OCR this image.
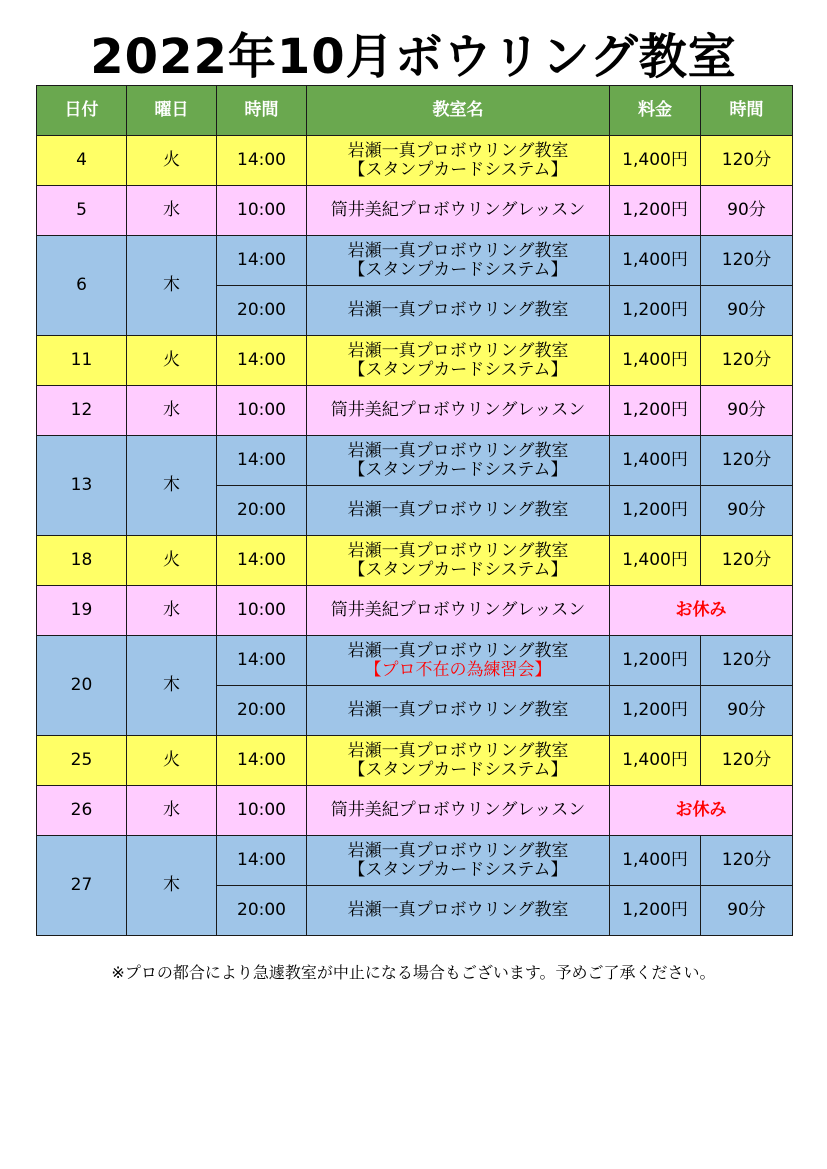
2022年10月ボウリング教室
日付	曜日	時間	教室名	料金	時間
4	火	14:00	岩瀬一真プロボウリング教室
【スタンプカードシステム】	1,400円	120分
5	水	10:00	筒井美紀プロボウリングレッスン	1,200円	90分
6	木	14:00	岩瀬一真プロボウリング教室
【スタンプカードシステム】	1,400円	120分
		20:00	岩瀬一真プロボウリング教室	1,200円	90分
11	火	14:00	岩瀬一真プロボウリング教室
【スタンプカードシステム】	1,400円	120分
12	水	10:00	筒井美紀プロボウリングレッスン	1,200円	90分
13	木	14:00	岩瀬一真プロボウリング教室
【スタンプカードシステム】	1,400円	120分
		20:00	岩瀬一真プロボウリング教室	1,200円	90分
18	火	14:00	岩瀬一真プロボウリング教室
【スタンプカードシステム】	1,400円	120分
19	水	10:00	筒井美紀プロボウリングレッスン	お休み	
20	木	14:00	岩瀬一真プロボウリング教室
【プロ不在の為練習会】	1,200円	120分
		20:00	岩瀬一真プロボウリング教室	1,200円	90分
25	火	14:00	岩瀬一真プロボウリング教室
【スタンプカードシステム】	1,400円	120分
26	水	10:00	筒井美紀プロボウリングレッスン	お休み	
27	木	14:00	岩瀬一真プロボウリング教室
【スタンプカードシステム】	1,400円	120分
		20:00	岩瀬一真プロボウリング教室	1,200円	90分
※プロの都合により急遽教室が中止になる場合もございます。予めご了承ください。
